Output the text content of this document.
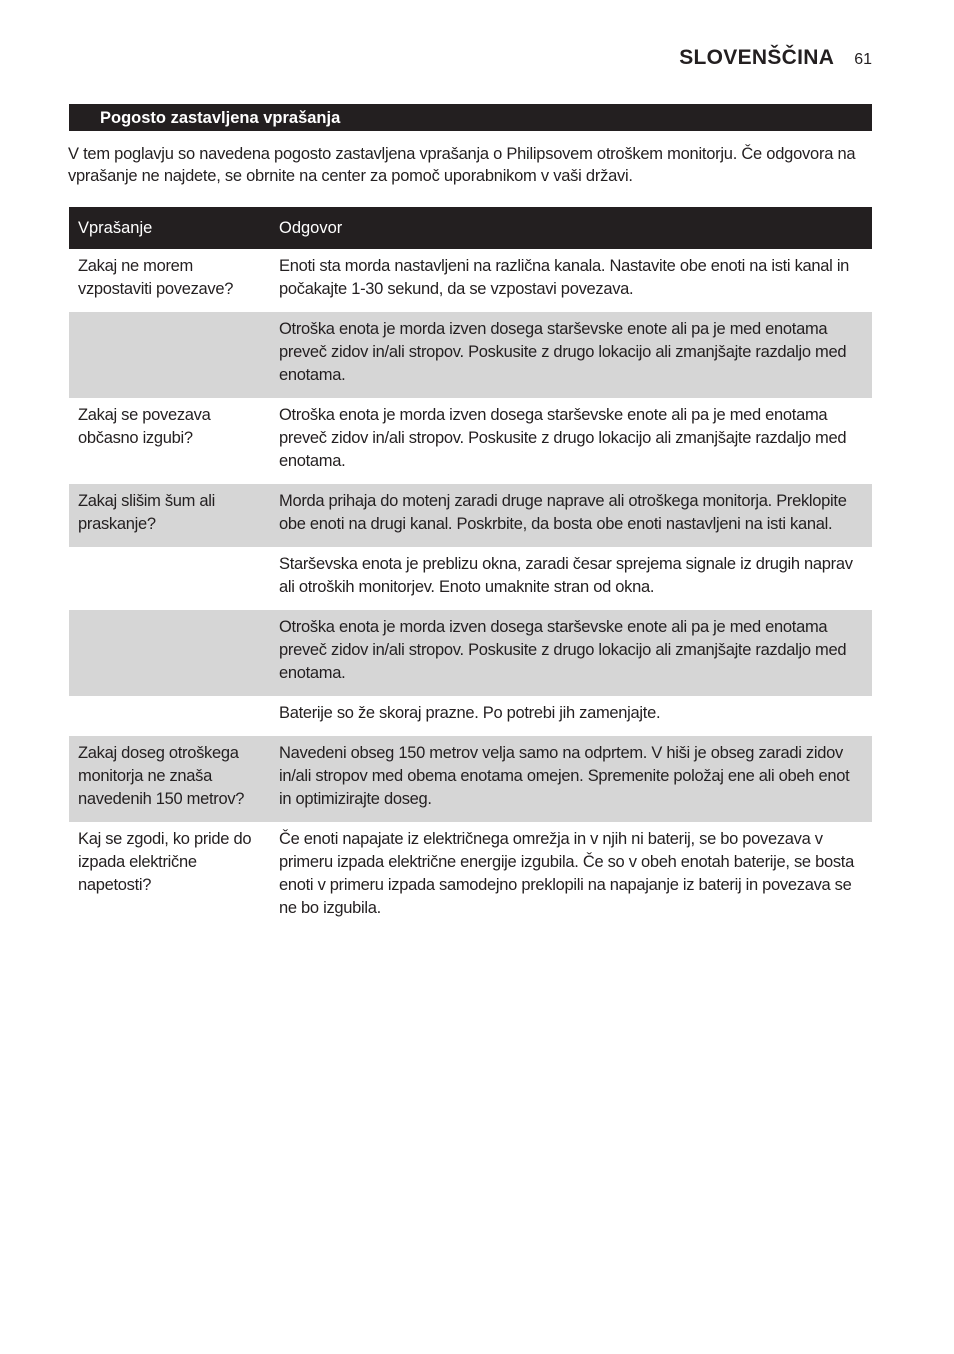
SLOVENŠČINA 61
Pogosto zastavljena vprašanja

V tem poglavju so navedena pogosto zastavljena vprašanja o Philipsovem otroškem monitorju. Če odgovora na vprašanje ne najdete, se obrnite na center za pomoč uporabnikom v vaši državi.

Vprašanje	Odgovor
Zakaj ne morem vzpostaviti povezave?	Enoti sta morda nastavljeni na različna kanala. Nastavite obe enoti na isti kanal in počakajte 1-30 sekund, da se vzpostavi povezava.
	Otroška enota je morda izven dosega starševske enote ali pa je med enotama preveč zidov in/ali stropov. Poskusite z drugo lokacijo ali zmanjšajte razdaljo med enotama.
Zakaj se povezava občasno izgubi?	Otroška enota je morda izven dosega starševske enote ali pa je med enotama preveč zidov in/ali stropov. Poskusite z drugo lokacijo ali zmanjšajte razdaljo med enotama.
Zakaj slišim šum ali praskanje?	Morda prihaja do motenj zaradi druge naprave ali otroškega monitorja. Preklopite obe enoti na drugi kanal. Poskrbite, da bosta obe enoti nastavljeni na isti kanal.
	Starševska enota je preblizu okna, zaradi česar sprejema signale iz drugih naprav ali otroških monitorjev. Enoto umaknite stran od okna.
	Otroška enota je morda izven dosega starševske enote ali pa je med enotama preveč zidov in/ali stropov. Poskusite z drugo lokacijo ali zmanjšajte razdaljo med enotama.
	Baterije so že skoraj prazne. Po potrebi jih zamenjajte.
Zakaj doseg otroškega monitorja ne znaša navedenih 150 metrov?	Navedeni obseg 150 metrov velja samo na odprtem. V hiši je obseg zaradi zidov in/ali stropov med obema enotama omejen. Spremenite položaj ene ali obeh enot in optimizirajte doseg.
Kaj se zgodi, ko pride do izpada električne napetosti?	Če enoti napajate iz električnega omrežja in v njih ni baterij, se bo povezava v primeru izpada električne energije izgubila. Če so v obeh enotah baterije, se bosta enoti v primeru izpada samodejno preklopili na napajanje iz baterij in povezava se ne bo izgubila.
